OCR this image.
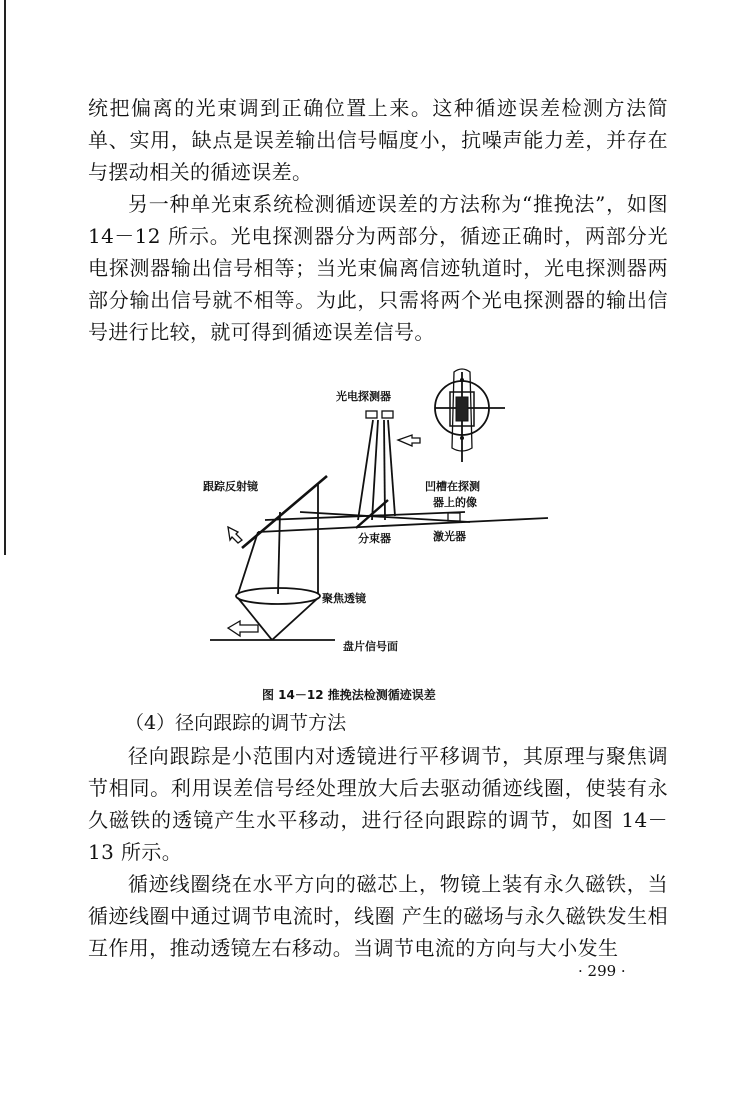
统把偏离的光束调到正确位置上来。这种循迹误差检测方法简单、实用，缺点是误差输出信号幅度小，抗噪声能力差，并存在与摆动相关的循迹误差。

另一种单光束系统检测循迹误差的方法称为“推挽法”，如图 14－12 所示。光电探测器分为两部分，循迹正确时，两部分光电探测器输出信号相等；当光束偏离信迹轨道时，光电探测器两部分输出信号就不相等。为此，只需将两个光电探测器的输出信号进行比较，就可得到循迹误差信号。

光电探测器
跟踪反射镜	凹槽在探测
器上的像
分束器	激光器
聚焦透镜
盘片信号面
图 14－12 推挽法检测循迹误差

（4）径向跟踪的调节方法

径向跟踪是小范围内对透镜进行平移调节，其原理与聚焦调节相同。利用误差信号经处理放大后去驱动循迹线圈，使装有永久磁铁的透镜产生水平移动，进行径向跟踪的调节，如图 14－13 所示。

循迹线圈绕在水平方向的磁芯上，物镜上装有永久磁铁，当循迹线圈中通过调节电流时，线圈 产生的磁场与永久磁铁发生相互作用，推动透镜左右移动。当调节电流的方向与大小发生

· 299 ·
